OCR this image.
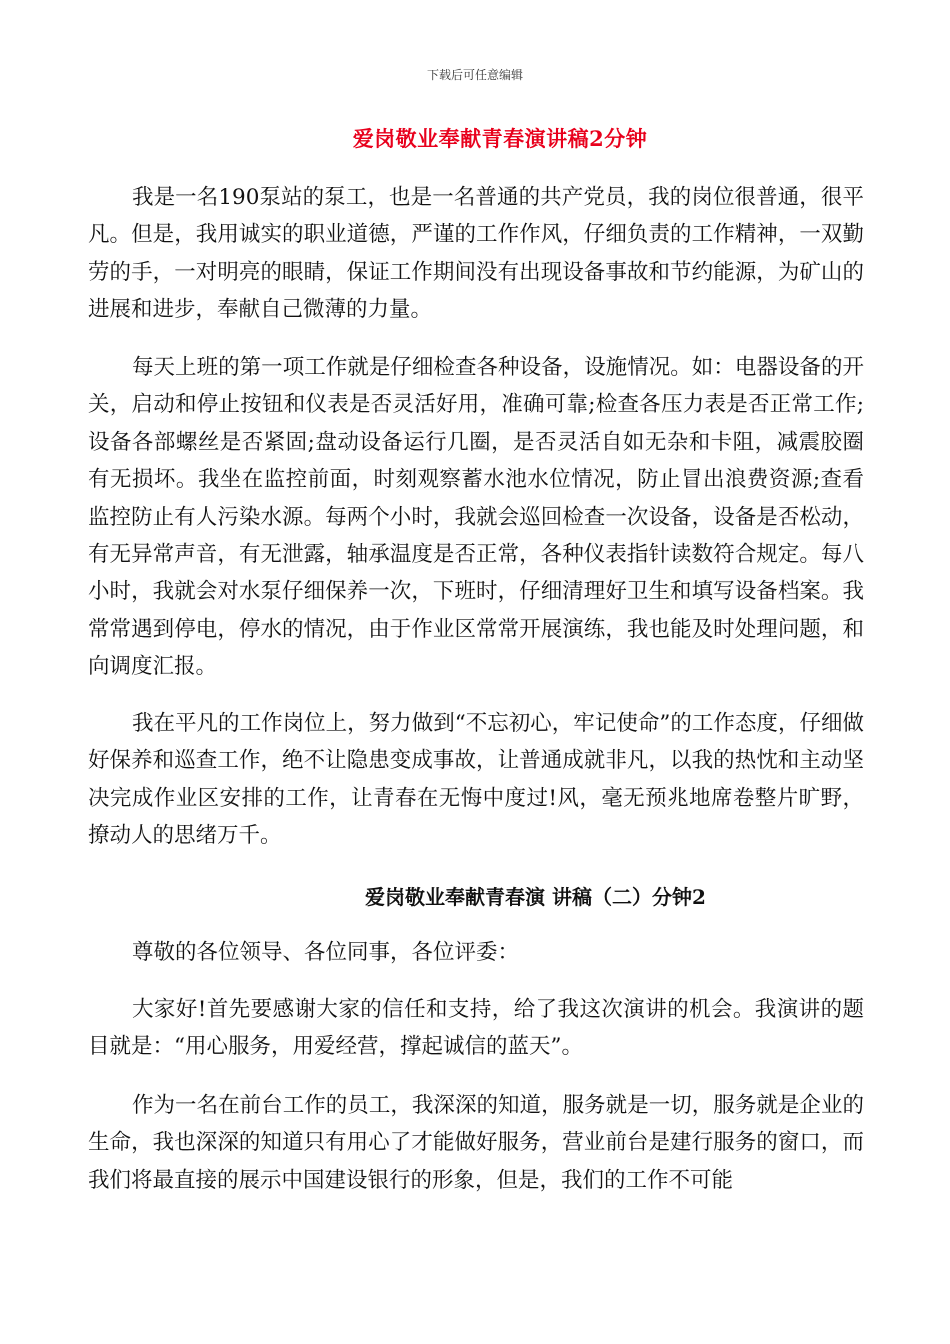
下载后可任意编辑
爱岗敬业奉献青春演讲稿2分钟

我是一名190泵站的泵工，也是一名普通的共产党员，我的岗位很普通，很平凡。但是，我用诚实的职业道德，严谨的工作作风，仔细负责的工作精神，一双勤劳的手，一对明亮的眼睛，保证工作期间没有出现设备事故和节约能源，为矿山的进展和进步，奉献自己微薄的力量。

每天上班的第一项工作就是仔细检查各种设备，设施情况。如：电器设备的开关，启动和停止按钮和仪表是否灵活好用，准确可靠;检查各压力表是否正常工作;设备各部螺丝是否紧固;盘动设备运行几圈，是否灵活自如无杂和卡阻，减震胶圈有无损坏。我坐在监控前面，时刻观察蓄水池水位情况，防止冒出浪费资源;查看监控防止有人污染水源。每两个小时，我就会巡回检查一次设备，设备是否松动，有无异常声音，有无泄露，轴承温度是否正常，各种仪表指针读数符合规定。每八小时，我就会对水泵仔细保养一次，下班时，仔细清理好卫生和填写设备档案。我常常遇到停电，停水的情况，由于作业区常常开展演练，我也能及时处理问题，和向调度汇报。

我在平凡的工作岗位上，努力做到“不忘初心，牢记使命”的工作态度，仔细做好保养和巡查工作，绝不让隐患变成事故，让普通成就非凡，以我的热忱和主动坚决完成作业区安排的工作，让青春在无悔中度过!风，毫无预兆地席卷整片旷野，撩动人的思绪万千。

爱岗敬业奉献青春演 讲稿（二）分钟2

尊敬的各位领导、各位同事，各位评委：

大家好!首先要感谢大家的信任和支持，给了我这次演讲的机会。我演讲的题目就是：“用心服务，用爱经营，撑起诚信的蓝天”。

作为一名在前台工作的员工，我深深的知道，服务就是一切，服务就是企业的生命，我也深深的知道只有用心了才能做好服务，营业前台是建行服务的窗口，而我们将最直接的展示中国建设银行的形象，但是，我们的工作不可能
